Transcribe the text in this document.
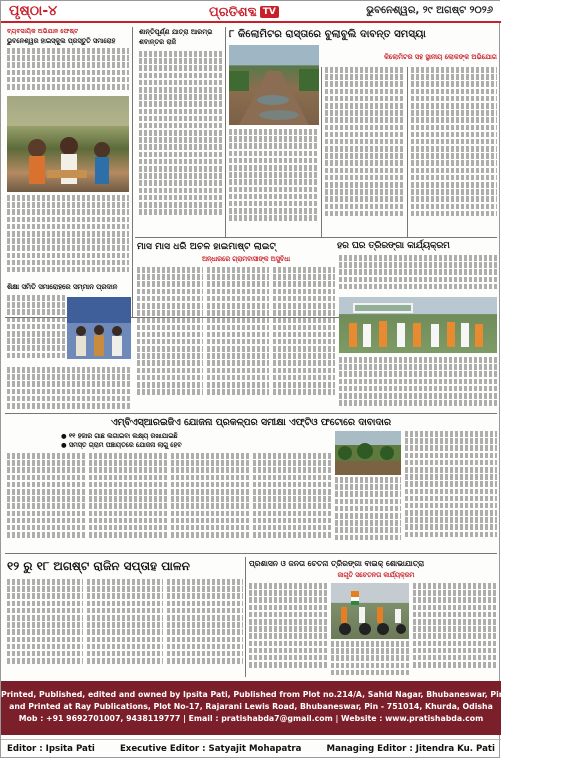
ପୃଷ୍ଠା-୪	ପ୍ରତିଶବ୍ଦ TV	ଭୁବନେଶ୍ୱର, ୨୯ ଅଗଷ୍ଟ ୨୦୨୬
ବ୍ୟବସାୟିକ ଅଭିଯାନ ଫେଷ୍ଟ
ଭୁବନେଶ୍ୱର ହାଇସ୍କୁଲ ପ୍ରସ୍ତୁତି ସମାରୋହ
ଶିକ୍ଷା ସମିତି ସମାରୋହରେ ସମ୍ମାନ ପ୍ରଦାନ
ଶାନ୍ତିପୂର୍ଣ୍ଣ ଯାତ୍ରା ଆରମ୍ଭ
ଶବାନ୍ତର ରାଜି
୮ କିଲୋମିଟର ରାସ୍ତାରେ ବୁଲାବୁଲି ଦାବନ୍ତ ସମସ୍ୟା
କିଲୋମିଟର ସହ ସ୍ଥାନୀୟ ଲୋକଙ୍କ ଅଭିଯୋଗ
ମାସ ମାସ ଧରି ଅଚଳ ହାଇମାଷ୍ଟ ଲାଇଟ୍	ହର ଘର ତ୍ରିରଙ୍ଗା କାର୍ଯ୍ୟକ୍ରମ
ଅନ୍ଧାରରେ ଗ୍ରାମବାସୀଙ୍କ ଅସୁବିଧା
ଏମ୍ବିଏସ୍ଆରଇଜିଏ ଯୋଜନା ପ୍ରକଳ୍ପର ସମୀକ୍ଷା ଏଫ୍ଟିଓ ଫଟୋରେ ଦାବାଦାର
● ୧୧ ହଜାର ଗାଛ ଲଗାଇବା ଲକ୍ଷ୍ୟ ରଖାଯାଇଛି
● ସମସ୍ତ ଗ୍ରାମ ପଞ୍ଚାୟତରେ ଯୋଜନା ଲାଗୁ ହେବ
୧୨ ରୁ ୧୮ ଅଗଷ୍ଟ ରାଜିନ ସପ୍ତାହ ପାଳନ	ପ୍ରଶାସନ ଓ ଜନତା ଚେତନା ତ୍ରିରଙ୍ଗା ବାଇକ୍ ଶୋଭାଯାତ୍ରା
ଜାଗୃତି ସଚେତନତା କାର୍ଯ୍ୟକ୍ରମ
Printed, Published, edited and owned by Ipsita Pati, Published from Plot no.214/A, Sahid Nagar, Bhubaneswar, Pin - 751007, Odisha
and Printed at Ray Publications, Plot No-17, Rajarani Lewis Road, Bhubaneswar, Pin - 751014, Khurda, Odisha
Mob : +91 9692701007, 9438119777 | Email : pratishabda7@gmail.com | Website : www.pratishabda.com
Editor : Ipsita Pati	Executive Editor : Satyajit Mohapatra	Managing Editor : Jitendra Ku. Pati
